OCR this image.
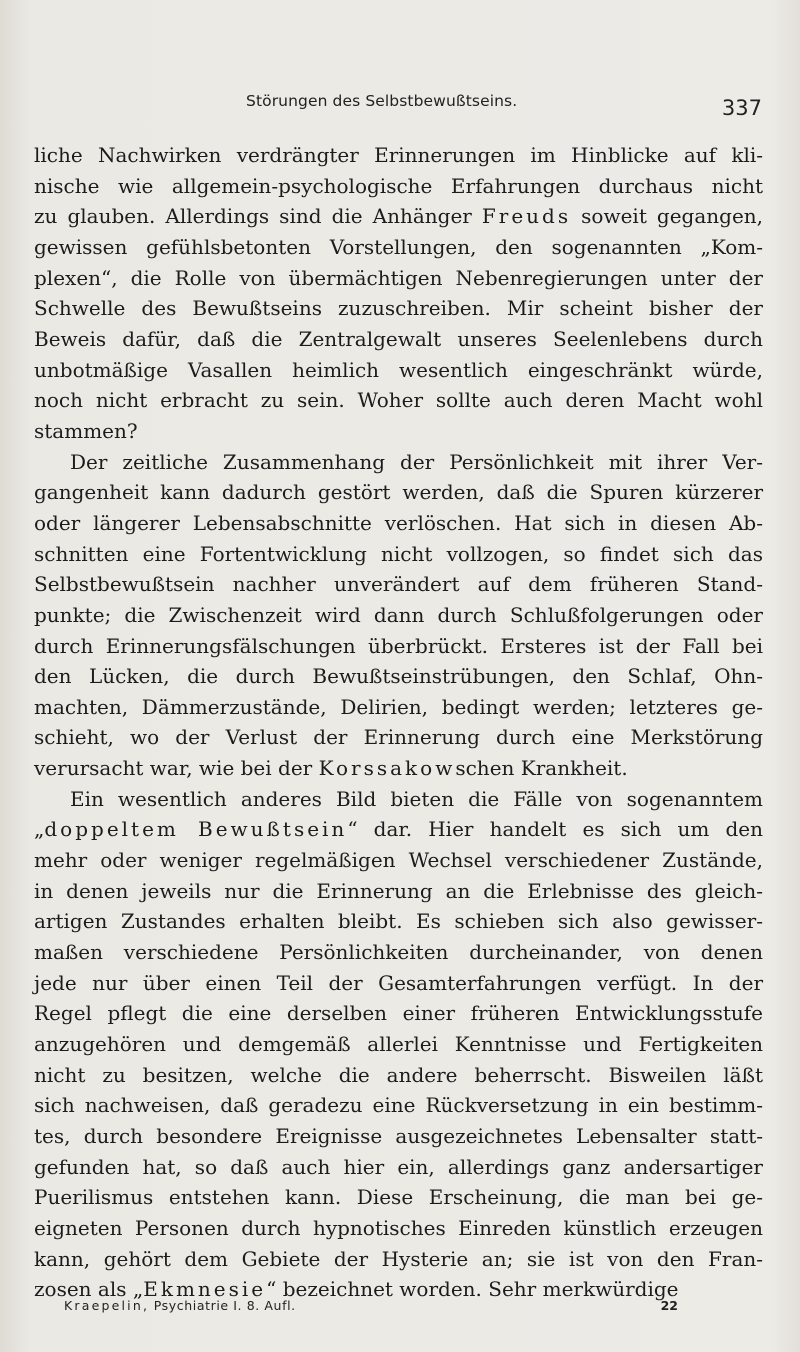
Störungen des Selbstbewußtseins.	337
liche Nachwirken verdrängter Erinnerungen im Hinblicke auf kli-
nische wie allgemein-psychologische Erfahrungen durchaus nicht
zu glauben. Allerdings sind die Anhänger Freuds soweit gegangen,
gewissen gefühlsbetonten Vorstellungen, den sogenannten „Kom-
plexen“, die Rolle von übermächtigen Nebenregierungen unter der
Schwelle des Bewußtseins zuzuschreiben. Mir scheint bisher der
Beweis dafür, daß die Zentralgewalt unseres Seelenlebens durch
unbotmäßige Vasallen heimlich wesentlich eingeschränkt würde,
noch nicht erbracht zu sein. Woher sollte auch deren Macht wohl
stammen?
Der zeitliche Zusammenhang der Persönlichkeit mit ihrer Ver-
gangenheit kann dadurch gestört werden, daß die Spuren kürzerer
oder längerer Lebensabschnitte verlöschen. Hat sich in diesen Ab-
schnitten eine Fortentwicklung nicht vollzogen, so findet sich das
Selbstbewußtsein nachher unverändert auf dem früheren Stand-
punkte; die Zwischenzeit wird dann durch Schlußfolgerungen oder
durch Erinnerungsfälschungen überbrückt. Ersteres ist der Fall bei
den Lücken, die durch Bewußtseinstrübungen, den Schlaf, Ohn-
machten, Dämmerzustände, Delirien, bedingt werden; letzteres ge-
schieht, wo der Verlust der Erinnerung durch eine Merkstörung
verursacht war, wie bei der Korssakowschen Krankheit.
Ein wesentlich anderes Bild bieten die Fälle von sogenanntem
„doppeltem Bewußtsein“ dar. Hier handelt es sich um den
mehr oder weniger regelmäßigen Wechsel verschiedener Zustände,
in denen jeweils nur die Erinnerung an die Erlebnisse des gleich-
artigen Zustandes erhalten bleibt. Es schieben sich also gewisser-
maßen verschiedene Persönlichkeiten durcheinander, von denen
jede nur über einen Teil der Gesamterfahrungen verfügt. In der
Regel pflegt die eine derselben einer früheren Entwicklungsstufe
anzugehören und demgemäß allerlei Kenntnisse und Fertigkeiten
nicht zu besitzen, welche die andere beherrscht. Bisweilen läßt
sich nachweisen, daß geradezu eine Rückversetzung in ein bestimm-
tes, durch besondere Ereignisse ausgezeichnetes Lebensalter statt-
gefunden hat, so daß auch hier ein, allerdings ganz andersartiger
Puerilismus entstehen kann. Diese Erscheinung, die man bei ge-
eigneten Personen durch hypnotisches Einreden künstlich erzeugen
kann, gehört dem Gebiete der Hysterie an; sie ist von den Fran-
zosen als „Ekmnesie“ bezeichnet worden. Sehr merkwürdige
Kraepelin, Psychiatrie I. 8. Aufl.	22
